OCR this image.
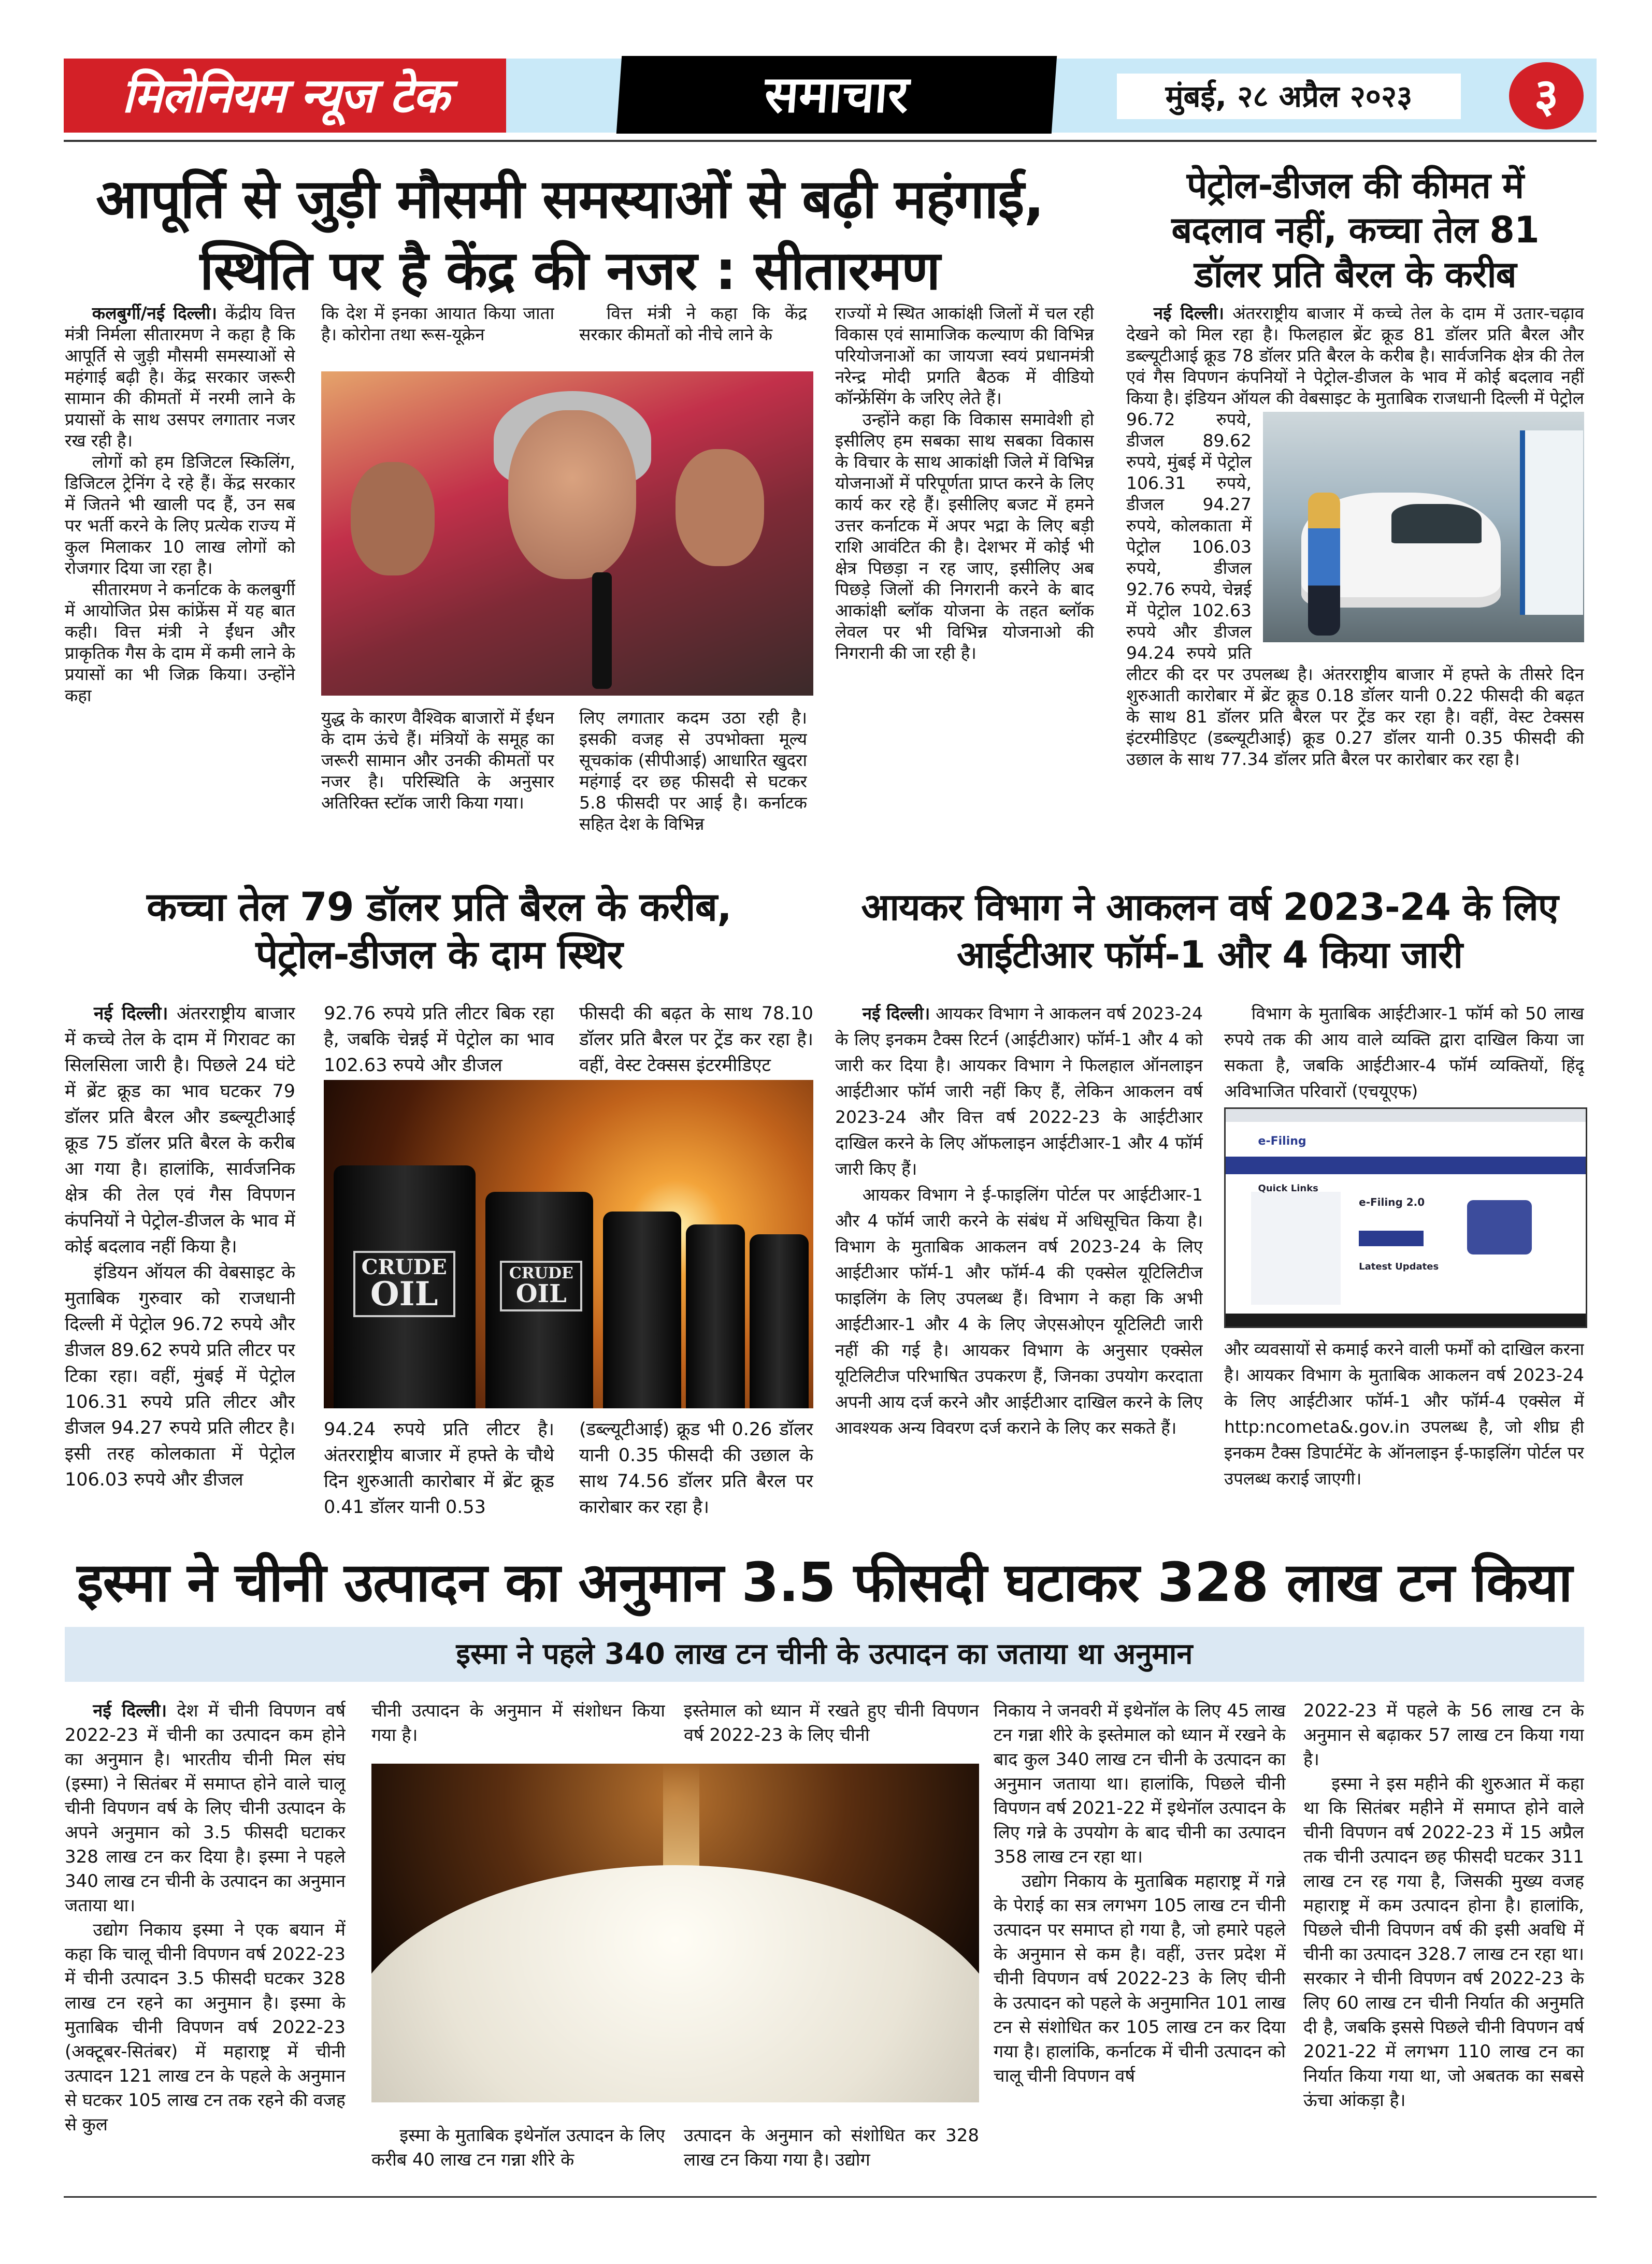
मिलेनियम न्यूज टेक	समाचार	मुंबई, २८ अप्रैल २०२३	३
आपूर्ति से जुड़ी मौसमी समस्याओं से बढ़ी महंगाई,
स्थिति पर है केंद्र की नजर : सीतारमण

कलबुर्गी/नई दिल्ली। केंद्रीय वित्त मंत्री निर्मला सीतारमण ने कहा है कि आपूर्ति से जुड़ी मौसमी समस्याओं से महंगाई बढ़ी है। केंद्र सरकार जरूरी सामान की कीमतों में नरमी लाने के प्रयासों के साथ उसपर लगातार नजर रख रही है।

लोगों को हम डिजिटल स्किलिंग, डिजिटल ट्रेनिंग दे रहे हैं। केंद्र सरकार में जितने भी खाली पद हैं, उन सब पर भर्ती करने के लिए प्रत्येक राज्य में कुल मिलाकर 10 लाख लोगों को रोजगार दिया जा रहा है।

सीतारमण ने कर्नाटक के कलबुर्गी में आयोजित प्रेस कांफ्रेंस में यह बात कही। वित्त मंत्री ने ईंधन और प्राकृतिक गैस के दाम में कमी लाने के प्रयासों का भी जिक्र किया। उन्होंने कहा

कि देश में इनका आयात किया जाता है। कोरोना तथा रूस-यूक्रेन

युद्ध के कारण वैश्विक बाजारों में ईंधन के दाम ऊंचे हैं। मंत्रियों के समूह का जरूरी सामान और उनकी कीमतों पर नजर है। परिस्थिति के अनुसार अतिरिक्त स्टॉक जारी किया गया।

वित्त मंत्री ने कहा कि केंद्र सरकार कीमतों को नीचे लाने के

लिए लगातार कदम उठा रही है। इसकी वजह से उपभोक्ता मूल्य सूचकांक (सीपीआई) आधारित खुदरा महंगाई दर छह फीसदी से घटकर 5.8 फीसदी पर आई है। कर्नाटक सहित देश के विभिन्न

राज्यों मे स्थित आकांक्षी जिलों में चल रही विकास एवं सामाजिक कल्याण की विभिन्न परियोजनाओं का जायजा स्वयं प्रधानमंत्री नरेन्द्र मोदी प्रगति बैठक में वीडियो कॉन्फ्रेंसिंग के जरिए लेते हैं।

उन्होंने कहा कि विकास समावेशी हो इसीलिए हम सबका साथ सबका विकास के विचार के साथ आकांक्षी जिले में विभिन्न योजनाओं में परिपूर्णता प्राप्त करने के लिए कार्य कर रहे हैं। इसीलिए बजट में हमने उत्तर कर्नाटक में अपर भद्रा के लिए बड़ी राशि आवंटित की है। देशभर में कोई भी क्षेत्र पिछड़ा न रह जाए, इसीलिए अब पिछड़े जिलों की निगरानी करने के बाद आकांक्षी ब्लॉक योजना के तहत ब्लॉक लेवल पर भी विभिन्न योजनाओ की निगरानी की जा रही है।

पेट्रोल-डीजल की कीमत में
बदलाव नहीं, कच्चा तेल 81
डॉलर प्रति बैरल के करीब
नई दिल्ली। अंतरराष्ट्रीय बाजार में कच्चे तेल के दाम में उतार-चढ़ाव देखने को मिल रहा है। फिलहाल ब्रेंट क्रूड 81 डॉलर प्रति बैरल और डब्ल्यूटीआई क्रूड 78 डॉलर प्रति बैरल के करीब है। सार्वजनिक क्षेत्र की तेल एवं गैस विपणन कंपनियों ने पेट्रोल-डीजल के भाव में कोई बदलाव नहीं किया है। इंडियन ऑयल की वेबसाइट के मुताबिक राजधानी दिल्ली में पेट्रोल 96.72 रुपये, डीजल 89.62 रुपये, मुंबई में पेट्रोल 106.31 रुपये, डीजल 94.27 रुपये, कोलकाता में पेट्रोल 106.03 रुपये, डीजल 92.76 रुपये, चेन्नई में पेट्रोल 102.63 रुपये और डीजल 94.24 रुपये प्रति लीटर की दर पर उपलब्ध है। अंतरराष्ट्रीय बाजार में हफ्ते के तीसरे दिन शुरुआती कारोबार में ब्रेंट क्रूड 0.18 डॉलर यानी 0.22 फीसदी की बढ़त के साथ 81 डॉलर प्रति बैरल पर ट्रेंड कर रहा है। वहीं, वेस्ट टेक्सस इंटरमीडिएट (डब्ल्यूटीआई) क्रूड 0.27 डॉलर यानी 0.35 फीसदी की उछाल के साथ 77.34 डॉलर प्रति बैरल पर कारोबार कर रहा है।
कच्चा तेल 79 डॉलर प्रति बैरल के करीब,
पेट्रोल-डीजल के दाम स्थिर

नई दिल्ली। अंतरराष्ट्रीय बाजार में कच्चे तेल के दाम में गिरावट का सिलसिला जारी है। पिछले 24 घंटे में ब्रेंट क्रूड का भाव घटकर 79 डॉलर प्रति बैरल और डब्ल्यूटीआई क्रूड 75 डॉलर प्रति बैरल के करीब आ गया है। हालांकि, सार्वजनिक क्षेत्र की तेल एवं गैस विपणन कंपनियों ने पेट्रोल-डीजल के भाव में कोई बदलाव नहीं किया है।

इंडियन ऑयल की वेबसाइट के मुताबिक गुरुवार को राजधानी दिल्ली में पेट्रोल 96.72 रुपये और डीजल 89.62 रुपये प्रति लीटर पर टिका रहा। वहीं, मुंबई में पेट्रोल 106.31 रुपये प्रति लीटर और डीजल 94.27 रुपये प्रति लीटर है। इसी तरह कोलकाता में पेट्रोल 106.03 रुपये और डीजल

92.76 रुपये प्रति लीटर बिक रहा है, जबकि चेन्नई में पेट्रोल का भाव 102.63 रुपये और डीजल

फीसदी की बढ़त के साथ 78.10 डॉलर प्रति बैरल पर ट्रेंड कर रहा है। वहीं, वेस्ट टेक्सस इंटरमीडिएट

CRUDE
OIL
CRUDE
OIL

94.24 रुपये प्रति लीटर है। अंतरराष्ट्रीय बाजार में हफ्ते के चौथे दिन शुरुआती कारोबार में ब्रेंट क्रूड 0.41 डॉलर यानी 0.53

(डब्ल्यूटीआई) क्रूड भी 0.26 डॉलर यानी 0.35 फीसदी की उछाल के साथ 74.56 डॉलर प्रति बैरल पर कारोबार कर रहा है।

आयकर विभाग ने आकलन वर्ष 2023-24 के लिए
आईटीआर फॉर्म-1 और 4 किया जारी

नई दिल्ली। आयकर विभाग ने आकलन वर्ष 2023-24 के लिए इनकम टैक्स रिटर्न (आईटीआर) फॉर्म-1 और 4 को जारी कर दिया है। आयकर विभाग ने फिलहाल ऑनलाइन आईटीआर फॉर्म जारी नहीं किए हैं, लेकिन आकलन वर्ष 2023-24 और वित्त वर्ष 2022-23 के आईटीआर दाखिल करने के लिए ऑफलाइन आईटीआर-1 और 4 फॉर्म जारी किए हैं।

आयकर विभाग ने ई-फाइलिंग पोर्टल पर आईटीआर-1 और 4 फॉर्म जारी करने के संबंध में अधिसूचित किया है। विभाग के मुताबिक आकलन वर्ष 2023-24 के लिए आईटीआर फॉर्म-1 और फॉर्म-4 की एक्सेल यूटिलिटीज फाइलिंग के लिए उपलब्ध हैं। विभाग ने कहा कि अभी आईटीआर-1 और 4 के लिए जेएसओएन यूटिलिटी जारी नहीं की गई है। आयकर विभाग के अनुसार एक्सेल यूटिलिटीज परिभाषित उपकरण हैं, जिनका उपयोग करदाता अपनी आय दर्ज करने और आईटीआर दाखिल करने के लिए आवश्यक अन्य विवरण दर्ज कराने के लिए कर सकते हैं।

विभाग के मुताबिक आईटीआर-1 फॉर्म को 50 लाख रुपये तक की आय वाले व्यक्ति द्वारा दाखिल किया जा सकता है, जबकि आईटीआर-4 फॉर्म व्यक्तियों, हिंदू अविभाजित परिवारों (एचयूएफ)

e-Filing
Quick Links
e-Filing 2.0
Latest Updates

और व्यवसायों से कमाई करने वाली फर्मों को दाखिल करना है। आयकर विभाग के मुताबिक आकलन वर्ष 2023-24 के लिए आईटीआर फॉर्म-1 और फॉर्म-4 एक्सेल में http:ncometa&.gov.in उपलब्ध है, जो शीघ्र ही इनकम टैक्स डिपार्टमेंट के ऑनलाइन ई-फाइलिंग पोर्टल पर उपलब्ध कराई जाएगी।

इस्मा ने चीनी उत्पादन का अनुमान 3.5 फीसदी घटाकर 328 लाख टन किया
इस्मा ने पहले 340 लाख टन चीनी के उत्पादन का जताया था अनुमान

नई दिल्ली। देश में चीनी विपणन वर्ष 2022-23 में चीनी का उत्पादन कम होने का अनुमान है। भारतीय चीनी मिल संघ (इस्मा) ने सितंबर में समाप्त होने वाले चालू चीनी विपणन वर्ष के लिए चीनी उत्पादन के अपने अनुमान को 3.5 फीसदी घटाकर 328 लाख टन कर दिया है। इस्मा ने पहले 340 लाख टन चीनी के उत्पादन का अनुमान जताया था।

उद्योग निकाय इस्मा ने एक बयान में कहा कि चालू चीनी विपणन वर्ष 2022-23 में चीनी उत्पादन 3.5 फीसदी घटकर 328 लाख टन रहने का अनुमान है। इस्मा के मुताबिक चीनी विपणन वर्ष 2022-23 (अक्टूबर-सितंबर) में महाराष्ट्र में चीनी उत्पादन 121 लाख टन के पहले के अनुमान से घटकर 105 लाख टन तक रहने की वजह से कुल

चीनी उत्पादन के अनुमान में संशोधन किया गया है।

इस्तेमाल को ध्यान में रखते हुए चीनी विपणन वर्ष 2022-23 के लिए चीनी

इस्मा के मुताबिक इथेनॉल उत्पादन के लिए करीब 40 लाख टन गन्ना शीरे के

उत्पादन के अनुमान को संशोधित कर 328 लाख टन किया गया है। उद्योग

निकाय ने जनवरी में इथेनॉल के लिए 45 लाख टन गन्ना शीरे के इस्तेमाल को ध्यान में रखने के बाद कुल 340 लाख टन चीनी के उत्पादन का अनुमान जताया था। हालांकि, पिछले चीनी विपणन वर्ष 2021-22 में इथेनॉल उत्पादन के लिए गन्ने के उपयोग के बाद चीनी का उत्पादन 358 लाख टन रहा था।

उद्योग निकाय के मुताबिक महाराष्ट्र में गन्ने के पेराई का सत्र लगभग 105 लाख टन चीनी उत्पादन पर समाप्त हो गया है, जो हमारे पहले के अनुमान से कम है। वहीं, उत्तर प्रदेश में चीनी विपणन वर्ष 2022-23 के लिए चीनी के उत्पादन को पहले के अनुमानित 101 लाख टन से संशोधित कर 105 लाख टन कर दिया गया है। हालांकि, कर्नाटक में चीनी उत्पादन को चालू चीनी विपणन वर्ष

2022-23 में पहले के 56 लाख टन के अनुमान से बढ़ाकर 57 लाख टन किया गया है।

इस्मा ने इस महीने की शुरुआत में कहा था कि सितंबर महीने में समाप्त होने वाले चीनी विपणन वर्ष 2022-23 में 15 अप्रैल तक चीनी उत्पादन छह फीसदी घटकर 311 लाख टन रह गया है, जिसकी मुख्य वजह महाराष्ट्र में कम उत्पादन होना है। हालांकि, पिछले चीनी विपणन वर्ष की इसी अवधि में चीनी का उत्पादन 328.7 लाख टन रहा था। सरकार ने चीनी विपणन वर्ष 2022-23 के लिए 60 लाख टन चीनी निर्यात की अनुमति दी है, जबकि इससे पिछले चीनी विपणन वर्ष 2021-22 में लगभग 110 लाख टन का निर्यात किया गया था, जो अबतक का सबसे ऊंचा आंकड़ा है।
